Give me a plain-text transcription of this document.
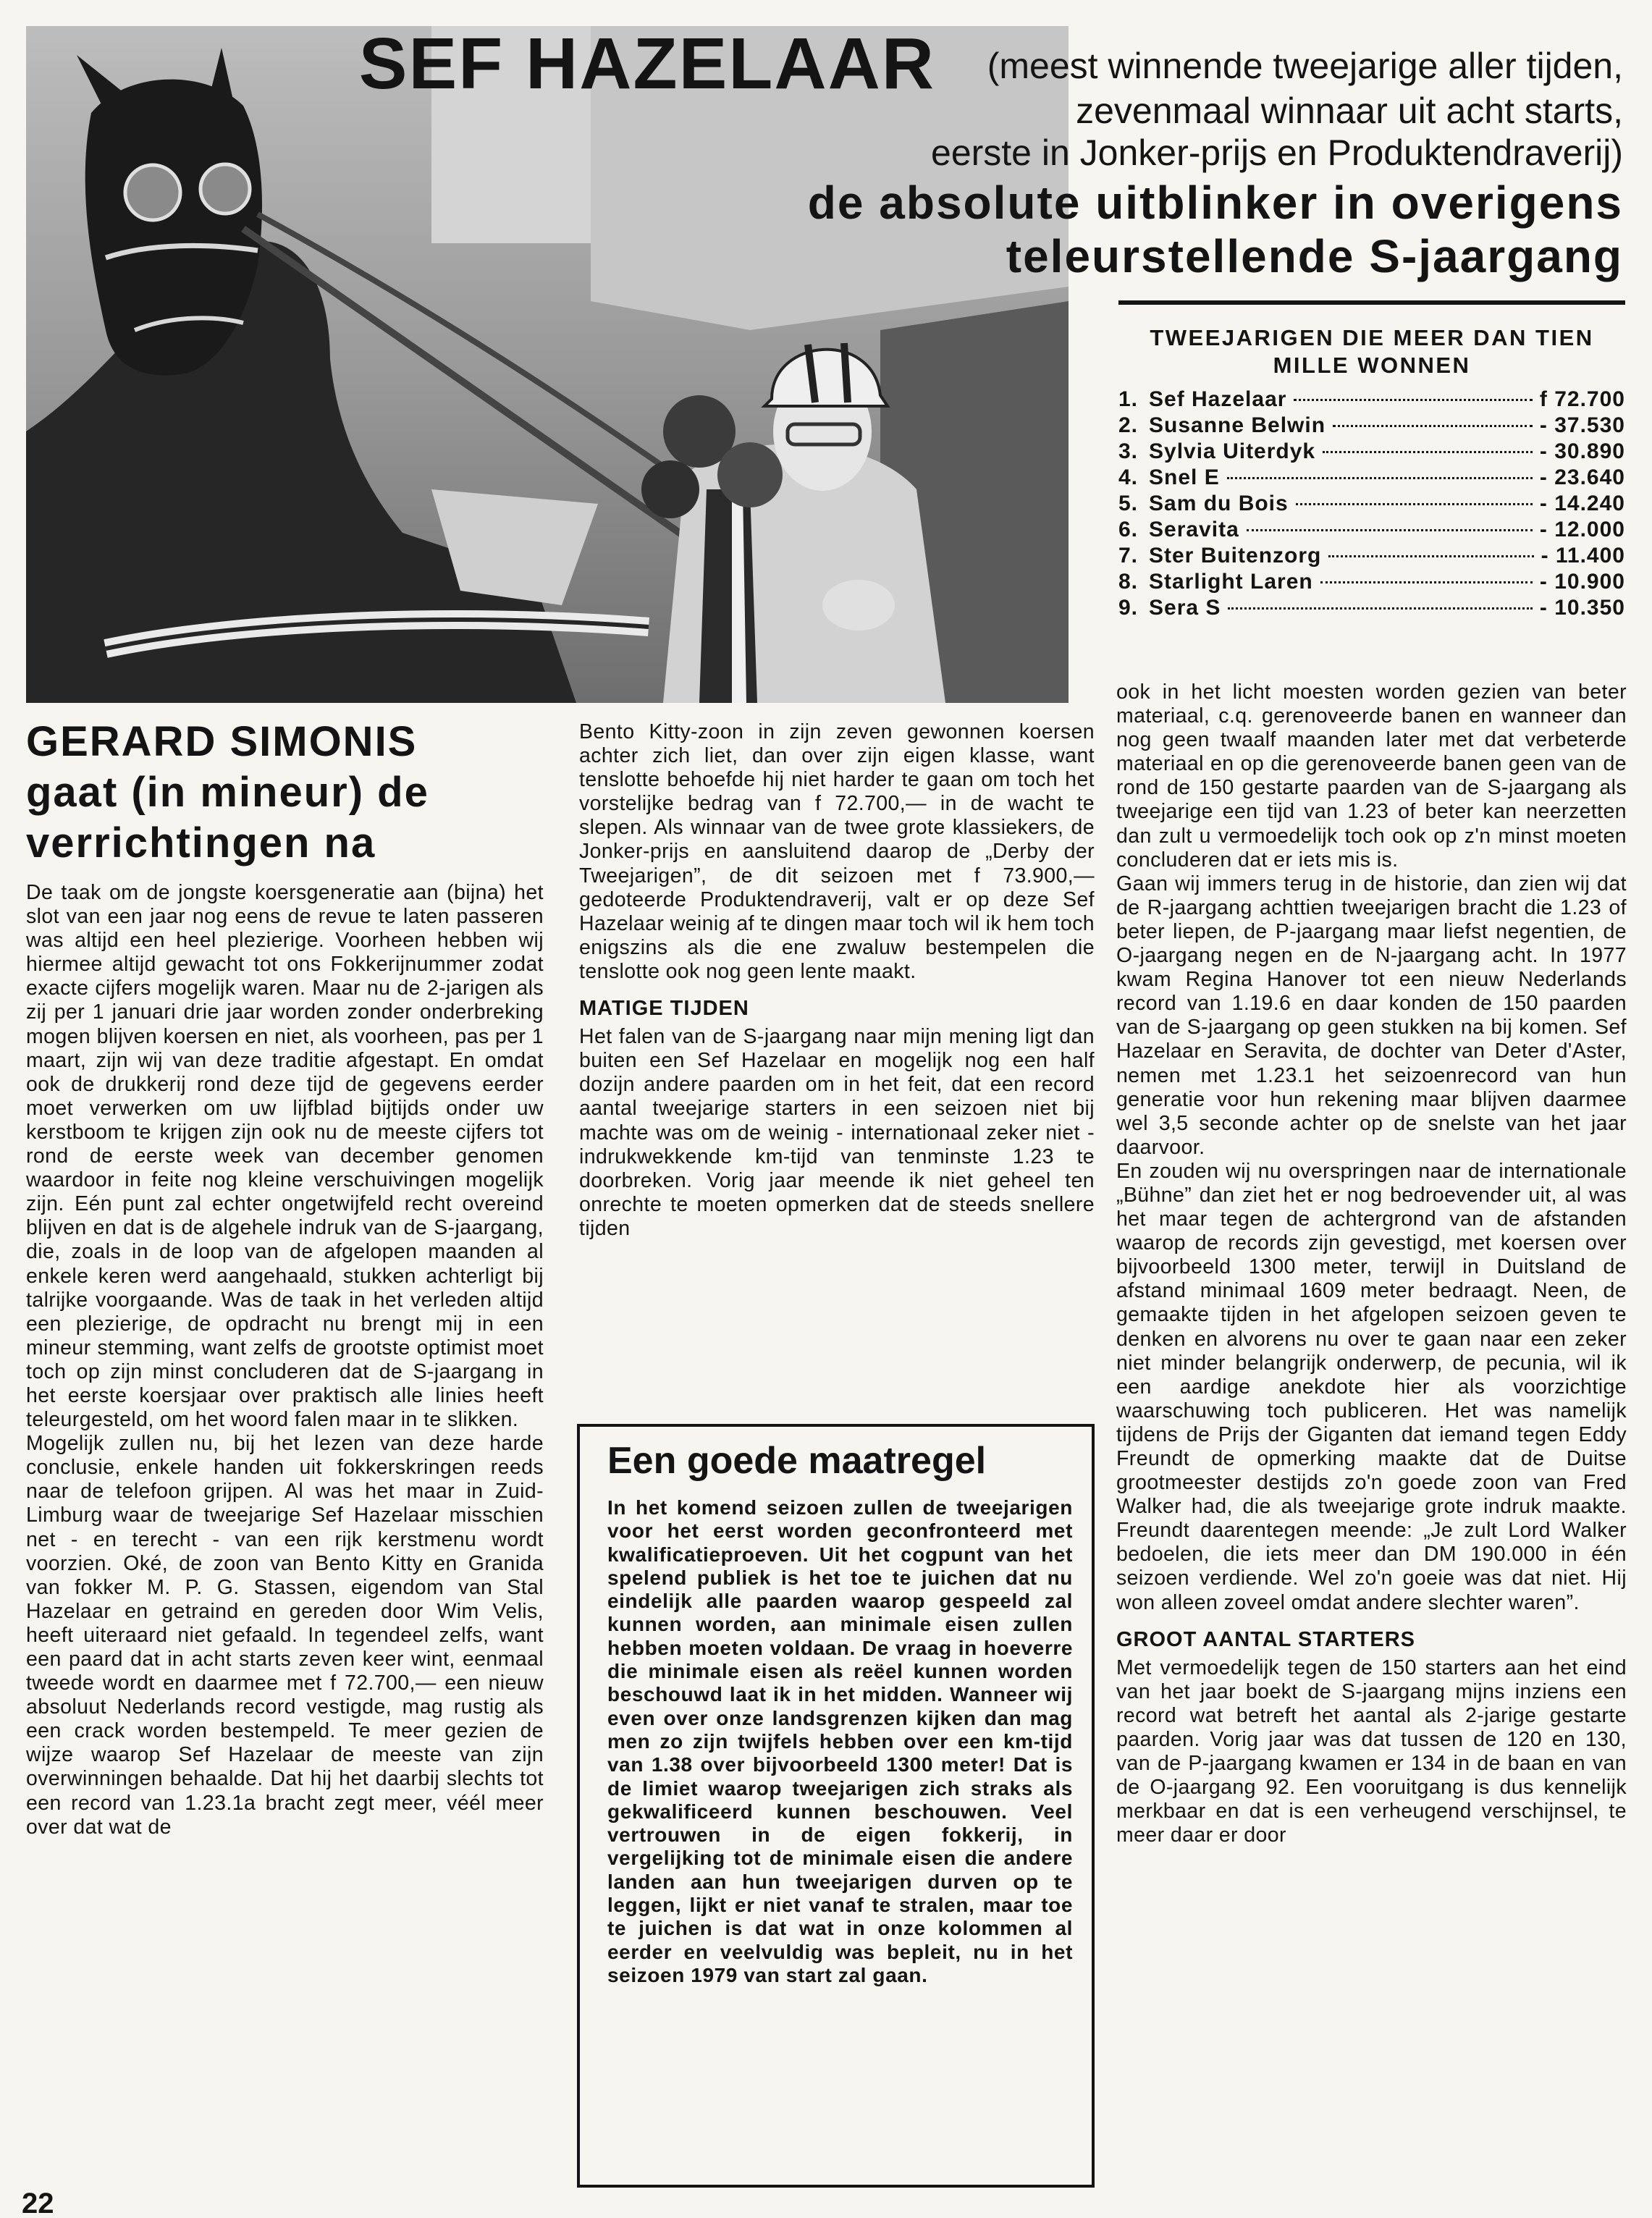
SEF HAZELAAR (meest winnende tweejarige aller tijden,
zevenmaal winnaar uit acht starts,
eerste in Jonker-prijs en Produktendraverij)
de absolute uitblinker in overigens
teleurstellende S-jaargang
TWEEJARIGEN DIE MEER DAN TIEN
MILLE WONNEN
1. Sef Hazelaar	f 72.700
2. Susanne Belwin	- 37.530
3. Sylvia Uiterdyk	- 30.890
4. Snel E	- 23.640
5. Sam du Bois	- 14.240
6. Seravita	- 12.000
7. Ster Buitenzorg	- 11.400
8. Starlight Laren	- 10.900
9. Sera S	- 10.350
GERARD SIMONIS
gaat (in mineur) de
verrichtingen na

De taak om de jongste koersgeneratie aan (bijna) het slot van een jaar nog eens de revue te laten passeren was altijd een heel plezierige. Voorheen hebben wij hiermee altijd gewacht tot ons Fokkerijnummer zodat exacte cijfers mogelijk waren. Maar nu de 2-jarigen als zij per 1 januari drie jaar worden zonder onderbreking mogen blijven koersen en niet, als voorheen, pas per 1 maart, zijn wij van deze traditie afgestapt. En omdat ook de drukkerij rond deze tijd de gegevens eerder moet verwerken om uw lijfblad bijtijds onder uw kerstboom te krijgen zijn ook nu de meeste cijfers tot rond de eerste week van december genomen waardoor in feite nog kleine verschuivingen mogelijk zijn. Eén punt zal echter ongetwijfeld recht overeind blijven en dat is de algehele indruk van de S-jaargang, die, zoals in de loop van de afgelopen maanden al enkele keren werd aangehaald, stukken achterligt bij talrijke voorgaande. Was de taak in het verleden altijd een plezierige, de opdracht nu brengt mij in een mineur stemming, want zelfs de grootste optimist moet toch op zijn minst concluderen dat de S-jaargang in het eerste koersjaar over praktisch alle linies heeft teleurgesteld, om het woord falen maar in te slikken.

Mogelijk zullen nu, bij het lezen van deze harde conclusie, enkele handen uit fokkerskringen reeds naar de telefoon grijpen. Al was het maar in Zuid-Limburg waar de tweejarige Sef Hazelaar misschien net - en terecht - van een rijk kerstmenu wordt voorzien. Oké, de zoon van Bento Kitty en Granida van fokker M. P. G. Stassen, eigendom van Stal Hazelaar en getraind en gereden door Wim Velis, heeft uiteraard niet gefaald. In tegendeel zelfs, want een paard dat in acht starts zeven keer wint, eenmaal tweede wordt en daarmee met f 72.700,— een nieuw absoluut Nederlands record vestigde, mag rustig als een crack worden bestempeld. Te meer gezien de wijze waarop Sef Hazelaar de meeste van zijn overwinningen behaalde. Dat hij het daarbij slechts tot een record van 1.23.1a bracht zegt meer, véél meer over dat wat de

Bento Kitty-zoon in zijn zeven gewonnen koersen achter zich liet, dan over zijn eigen klasse, want tenslotte behoefde hij niet harder te gaan om toch het vorstelijke bedrag van f 72.700,— in de wacht te slepen. Als winnaar van de twee grote klassiekers, de Jonker-prijs en aansluitend daarop de „Derby der Tweejarigen”, de dit seizoen met f 73.900,— gedoteerde Produktendraverij, valt er op deze Sef Hazelaar weinig af te dingen maar toch wil ik hem toch enigszins als die ene zwaluw bestempelen die tenslotte ook nog geen lente maakt.

MATIGE TIJDEN

Het falen van de S-jaargang naar mijn mening ligt dan buiten een Sef Hazelaar en mogelijk nog een half dozijn andere paarden om in het feit, dat een record aantal tweejarige starters in een seizoen niet bij machte was om de weinig - internationaal zeker niet - indrukwekkende km-tijd van tenminste 1.23 te doorbreken. Vorig jaar meende ik niet geheel ten onrechte te moeten opmerken dat de steeds snellere tijden

Een goede maatregel
In het komend seizoen zullen de tweejarigen voor het eerst worden geconfronteerd met kwalificatieproeven. Uit het cogpunt van het spelend publiek is het toe te juichen dat nu eindelijk alle paarden waarop gespeeld zal kunnen worden, aan minimale eisen zullen hebben moeten voldaan. De vraag in hoeverre die minimale eisen als reëel kunnen worden beschouwd laat ik in het midden. Wanneer wij even over onze landsgrenzen kijken dan mag men zo zijn twijfels hebben over een km-tijd van 1.38 over bijvoorbeeld 1300 meter! Dat is de limiet waarop tweejarigen zich straks als gekwalificeerd kunnen beschouwen. Veel vertrouwen in de eigen fokkerij, in vergelijking tot de minimale eisen die andere landen aan hun tweejarigen durven op te leggen, lijkt er niet vanaf te stralen, maar toe te juichen is dat wat in onze kolommen al eerder en veelvuldig was bepleit, nu in het seizoen 1979 van start zal gaan.

ook in het licht moesten worden gezien van beter materiaal, c.q. gerenoveerde banen en wanneer dan nog geen twaalf maanden later met dat verbeterde materiaal en op die gerenoveerde banen geen van de rond de 150 gestarte paarden van de S-jaargang als tweejarige een tijd van 1.23 of beter kan neerzetten dan zult u vermoedelijk toch ook op z'n minst moeten concluderen dat er iets mis is.

Gaan wij immers terug in de historie, dan zien wij dat de R-jaargang achttien tweejarigen bracht die 1.23 of beter liepen, de P-jaargang maar liefst negentien, de O-jaargang negen en de N-jaargang acht. In 1977 kwam Regina Hanover tot een nieuw Nederlands record van 1.19.6 en daar konden de 150 paarden van de S-jaargang op geen stukken na bij komen. Sef Hazelaar en Seravita, de dochter van Deter d'Aster, nemen met 1.23.1 het seizoenrecord van hun generatie voor hun rekening maar blijven daarmee wel 3,5 seconde achter op de snelste van het jaar daarvoor.

En zouden wij nu overspringen naar de internationale „Bühne” dan ziet het er nog bedroevender uit, al was het maar tegen de achtergrond van de afstanden waarop de records zijn gevestigd, met koersen over bijvoorbeeld 1300 meter, terwijl in Duitsland de afstand minimaal 1609 meter bedraagt. Neen, de gemaakte tijden in het afgelopen seizoen geven te denken en alvorens nu over te gaan naar een zeker niet minder belangrijk onderwerp, de pecunia, wil ik een aardige anekdote hier als voorzichtige waarschuwing toch publiceren. Het was namelijk tijdens de Prijs der Giganten dat iemand tegen Eddy Freundt de opmerking maakte dat de Duitse grootmeester destijds zo'n goede zoon van Fred Walker had, die als tweejarige grote indruk maakte. Freundt daarentegen meende: „Je zult Lord Walker bedoelen, die iets meer dan DM 190.000 in één seizoen verdiende. Wel zo'n goeie was dat niet. Hij won alleen zoveel omdat andere slechter waren”.

GROOT AANTAL STARTERS

Met vermoedelijk tegen de 150 starters aan het eind van het jaar boekt de S-jaargang mijns inziens een record wat betreft het aantal als 2-jarige gestarte paarden. Vorig jaar was dat tussen de 120 en 130, van de P-jaargang kwamen er 134 in de baan en van de O-jaargang 92. Een vooruitgang is dus kennelijk merkbaar en dat is een verheugend verschijnsel, te meer daar er door

22
